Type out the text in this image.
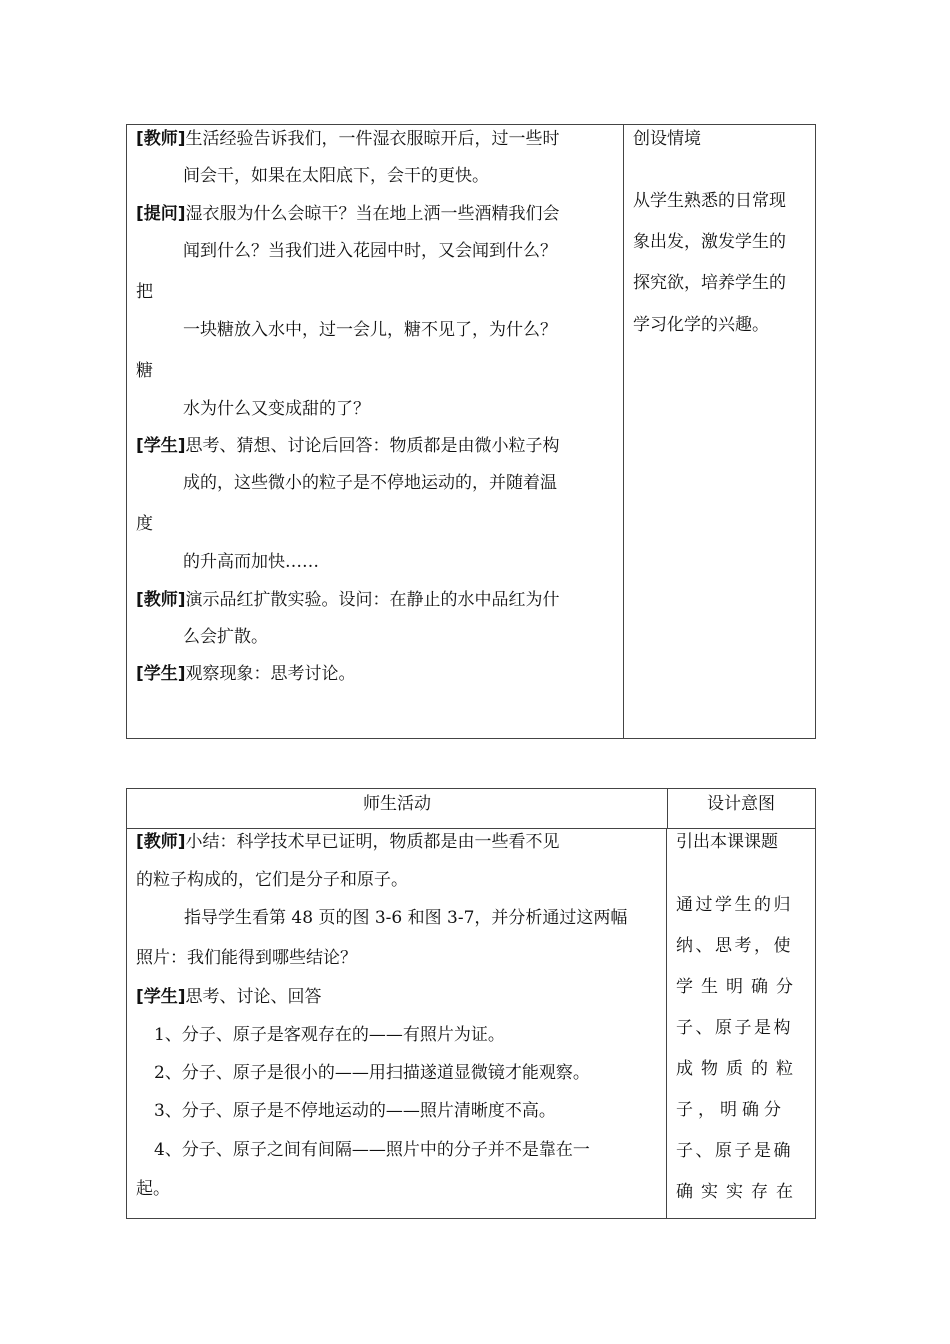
[教师]生活经验告诉我们，一件湿衣服晾开后，过一些时
间会干，如果在太阳底下，会干的更快。
[提问]湿衣服为什么会晾干？当在地上洒一些酒精我们会
闻到什么？当我们进入花园中时，又会闻到什么？
把
一块糖放入水中，过一会儿，糖不见了，为什么？
糖
水为什么又变成甜的了？
[学生]思考、猜想、讨论后回答：物质都是由微小粒子构
成的，这些微小的粒子是不停地运动的，并随着温
度
的升高而加快……
[教师]演示品红扩散实验。设问：在静止的水中品红为什
么会扩散。
[学生]观察现象：思考讨论。
创设情境
从学生熟悉的日常现
象出发，激发学生的
探究欲，培养学生的
学习化学的兴趣。
师生活动	设计意图
[教师]小结：科学技术早已证明，物质都是由一些看不见
的粒子构成的，它们是分子和原子。
指导学生看第 48 页的图 3-6 和图 3-7，并分析通过这两幅
照片：我们能得到哪些结论？
[学生]思考、讨论、回答
1、分子、原子是客观存在的——有照片为证。
2、分子、原子是很小的——用扫描遂道显微镜才能观察。
3、分子、原子是不停地运动的——照片清晰度不高。
4、分子、原子之间有间隔——照片中的分子并不是靠在一
起。
引出本课课题
通过学生的归
纳、思考，使
学生明确分
子、原子是构
成物质的粒
子，明确分
子、原子是确
确实实存在
